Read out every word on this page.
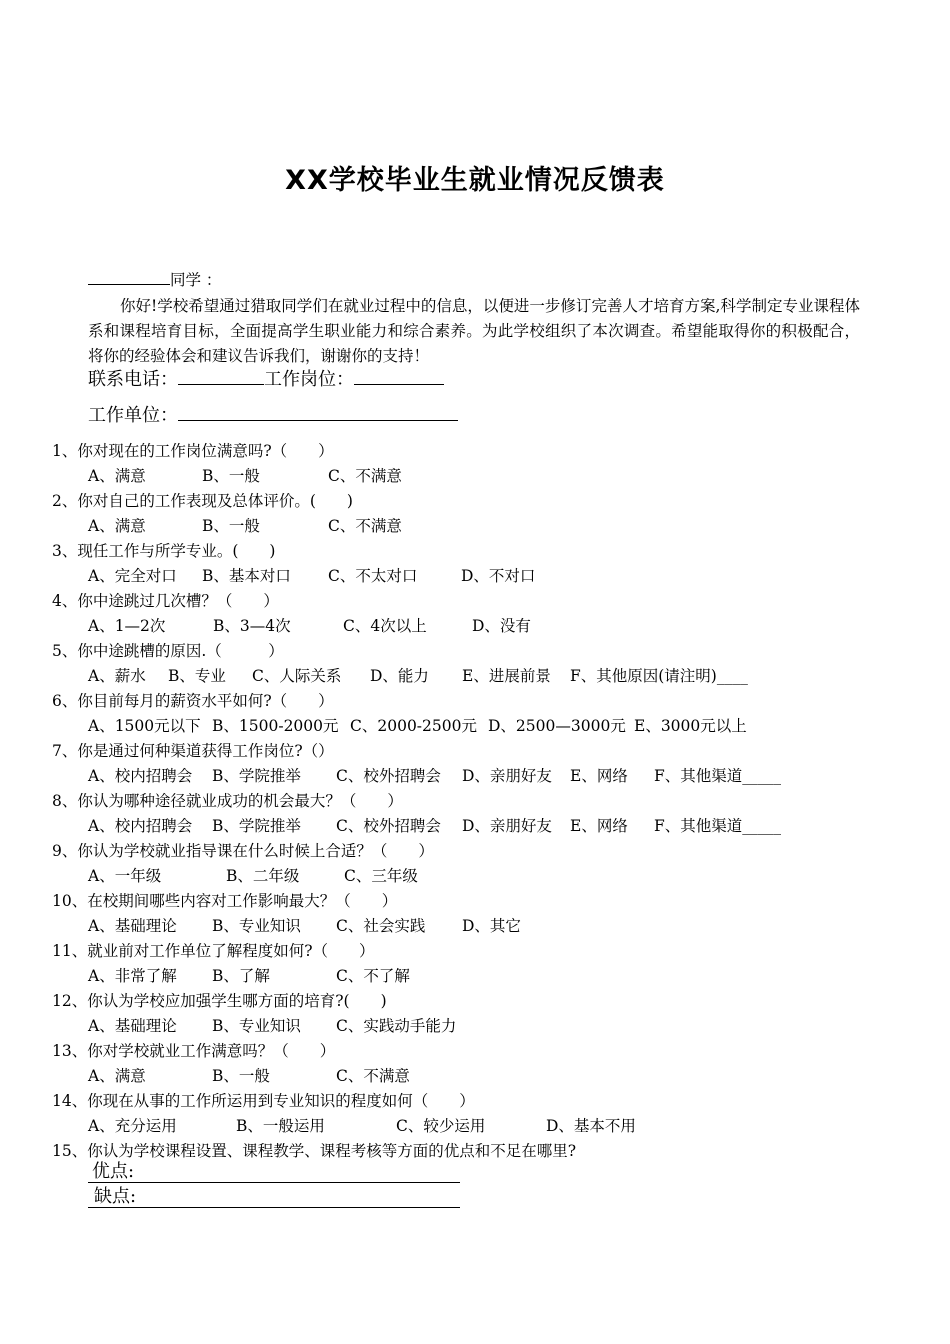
XX学校毕业生就业情况反馈表
同学 ：
你好!学校希望通过猎取同学们在就业过程中的信息，以便进一步修订完善人才培育方案,科学制定专业课程体系和课程培育目标，全面提高学生职业能力和综合素养。为此学校组织了本次调查。希望能取得你的积极配合，将你的经验体会和建议告诉我们，谢谢你的支持！
联系电话：	工作岗位：
工作单位：
1、你对现在的工作岗位满意吗?（　　）
A、满意	B、一般	C、不满意
2、你对自己的工作表现及总体评价。(　　)
A、满意	B、一般	C、不满意
3、现任工作与所学专业。(　　)
A、完全对口 B、基本对口 C、不太对口	D、不对口
4、你中途跳过几次槽？（　　）
A、1—2次	B、3—4次	C、4次以上	D、没有
5、你中途跳槽的原因.（　　　）
A、薪水 B、专业 C、人际关系 D、能力 E、进展前景 F、其他原因(请注明)____
6、你目前每月的薪资水平如何?（　　）
A、1500元以下 B、1500-2000元 C、2000-2500元 D、2500—3000元 E、3000元以上
7、你是通过何种渠道获得工作岗位?（）
A、校内招聘会 B、学院推举 C、校外招聘会 D、亲朋好友 E、网络 F、其他渠道_____
8、你认为哪种途径就业成功的机会最大？（　　）
A、校内招聘会 B、学院推举 C、校外招聘会 D、亲朋好友 E、网络 F、其他渠道_____
9、你认为学校就业指导课在什么时候上合适？（　　）
A、一年级	B、二年级	C、三年级
10、在校期间哪些内容对工作影响最大？（　　）
A、基础理论 B、专业知识 C、社会实践 D、其它
11、就业前对工作单位了解程度如何?（　　）
A、非常了解 B、了解	C、不了解
12、你认为学校应加强学生哪方面的培育?(　　)
A、基础理论 B、专业知识 C、实践动手能力
13、你对学校就业工作满意吗？（　　）
A、满意	B、一般	C、不满意
14、你现在从事的工作所运用到专业知识的程度如何（　　）
A、充分运用	B、一般运用	C、较少运用	D、基本不用
15、你认为学校课程设置、课程教学、课程考核等方面的优点和不足在哪里?
优点:
缺点:
